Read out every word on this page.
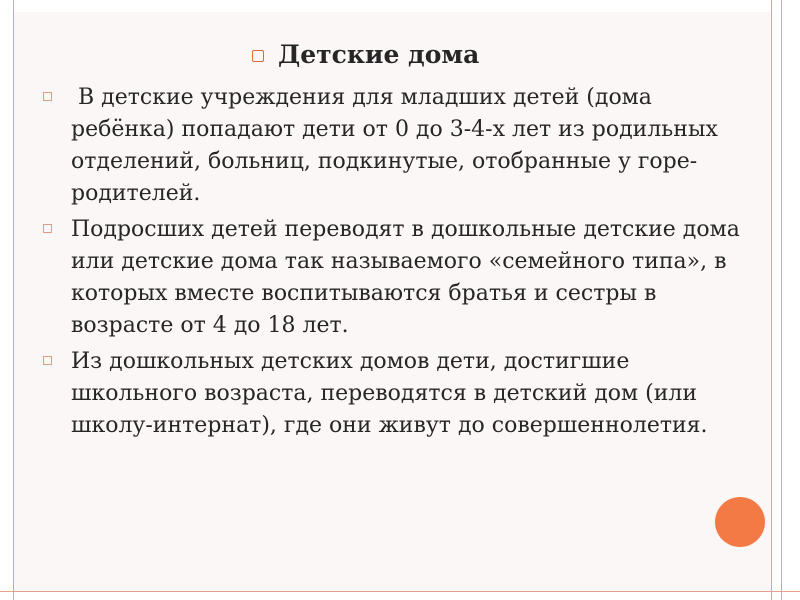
Детские дома
В детские учреждения для младших детей (дома ребёнка) попадают дети от 0 до 3-4-х лет из родильных отделений, больниц, подкинутые, отобранные у горе-родителей.
Подросших детей переводят в дошкольные детские дома или детские дома так называемого «семейного типа», в которых вместе воспитываются братья и сестры в возрасте от 4 до 18 лет.
Из дошкольных детских домов дети, достигшие школьного возраста, переводятся в детский дом (или школу-интернат), где они живут до совершеннолетия.
